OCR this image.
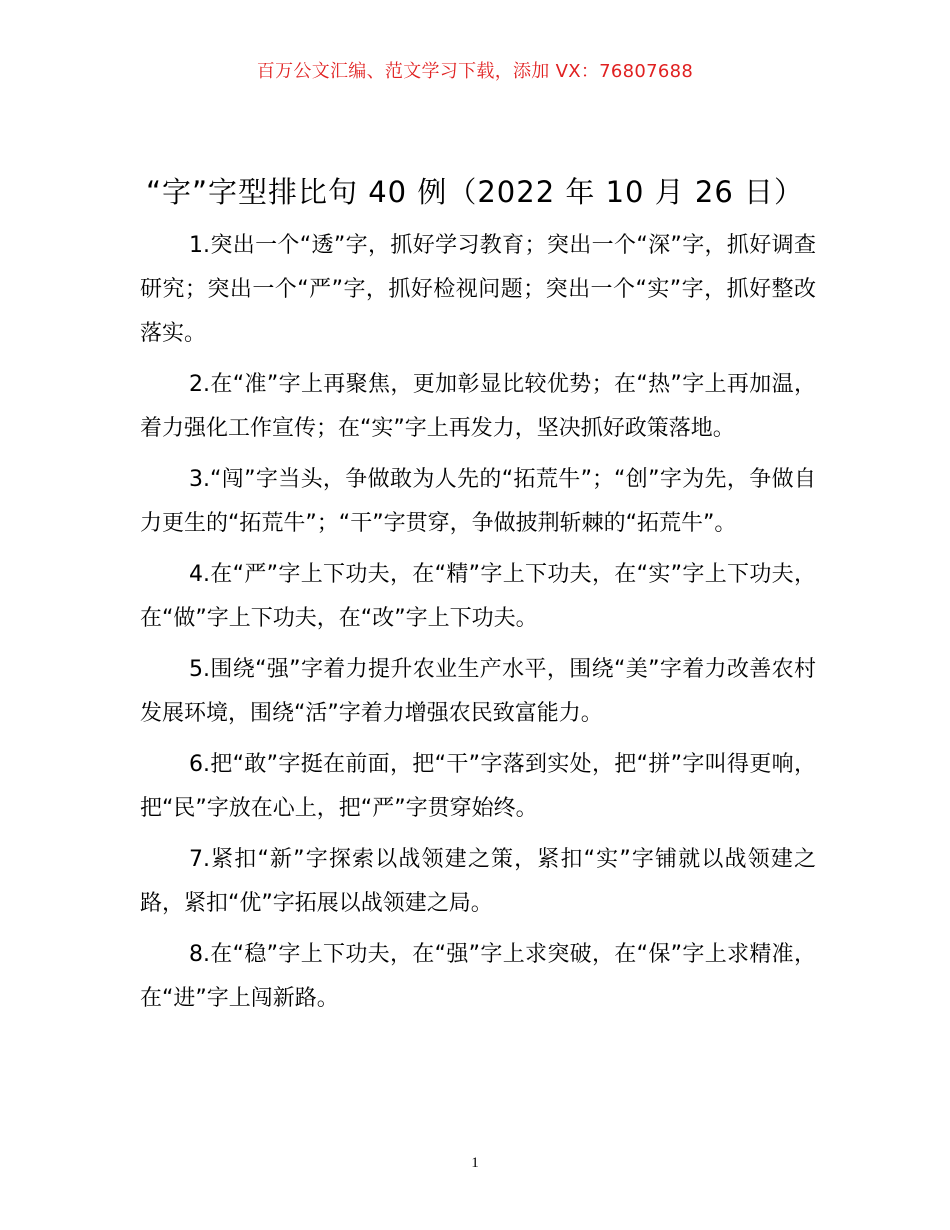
百万公文汇编、范文学习下载，添加 VX：76807688
“字”字型排比句 40 例（2022 年 10 月 26 日）

1.突出一个“透”字，抓好学习教育；突出一个“深”字，抓好调查研究；突出一个“严”字，抓好检视问题；突出一个“实”字，抓好整改落实。

2.在“准”字上再聚焦，更加彰显比较优势；在“热”字上再加温，着力强化工作宣传；在“实”字上再发力，坚决抓好政策落地。

3.“闯”字当头，争做敢为人先的“拓荒牛”；“创”字为先，争做自力更生的“拓荒牛”；“干”字贯穿，争做披荆斩棘的“拓荒牛”。

4.在“严”字上下功夫，在“精”字上下功夫，在“实”字上下功夫，在“做”字上下功夫，在“改”字上下功夫。

5.围绕“强”字着力提升农业生产水平，围绕“美”字着力改善农村发展环境，围绕“活”字着力增强农民致富能力。

6.把“敢”字挺在前面，把“干”字落到实处，把“拼”字叫得更响，把“民”字放在心上，把“严”字贯穿始终。

7.紧扣“新”字探索以战领建之策，紧扣“实”字铺就以战领建之路，紧扣“优”字拓展以战领建之局。

8.在“稳”字上下功夫，在“强”字上求突破，在“保”字上求精准，在“进”字上闯新路。

1
